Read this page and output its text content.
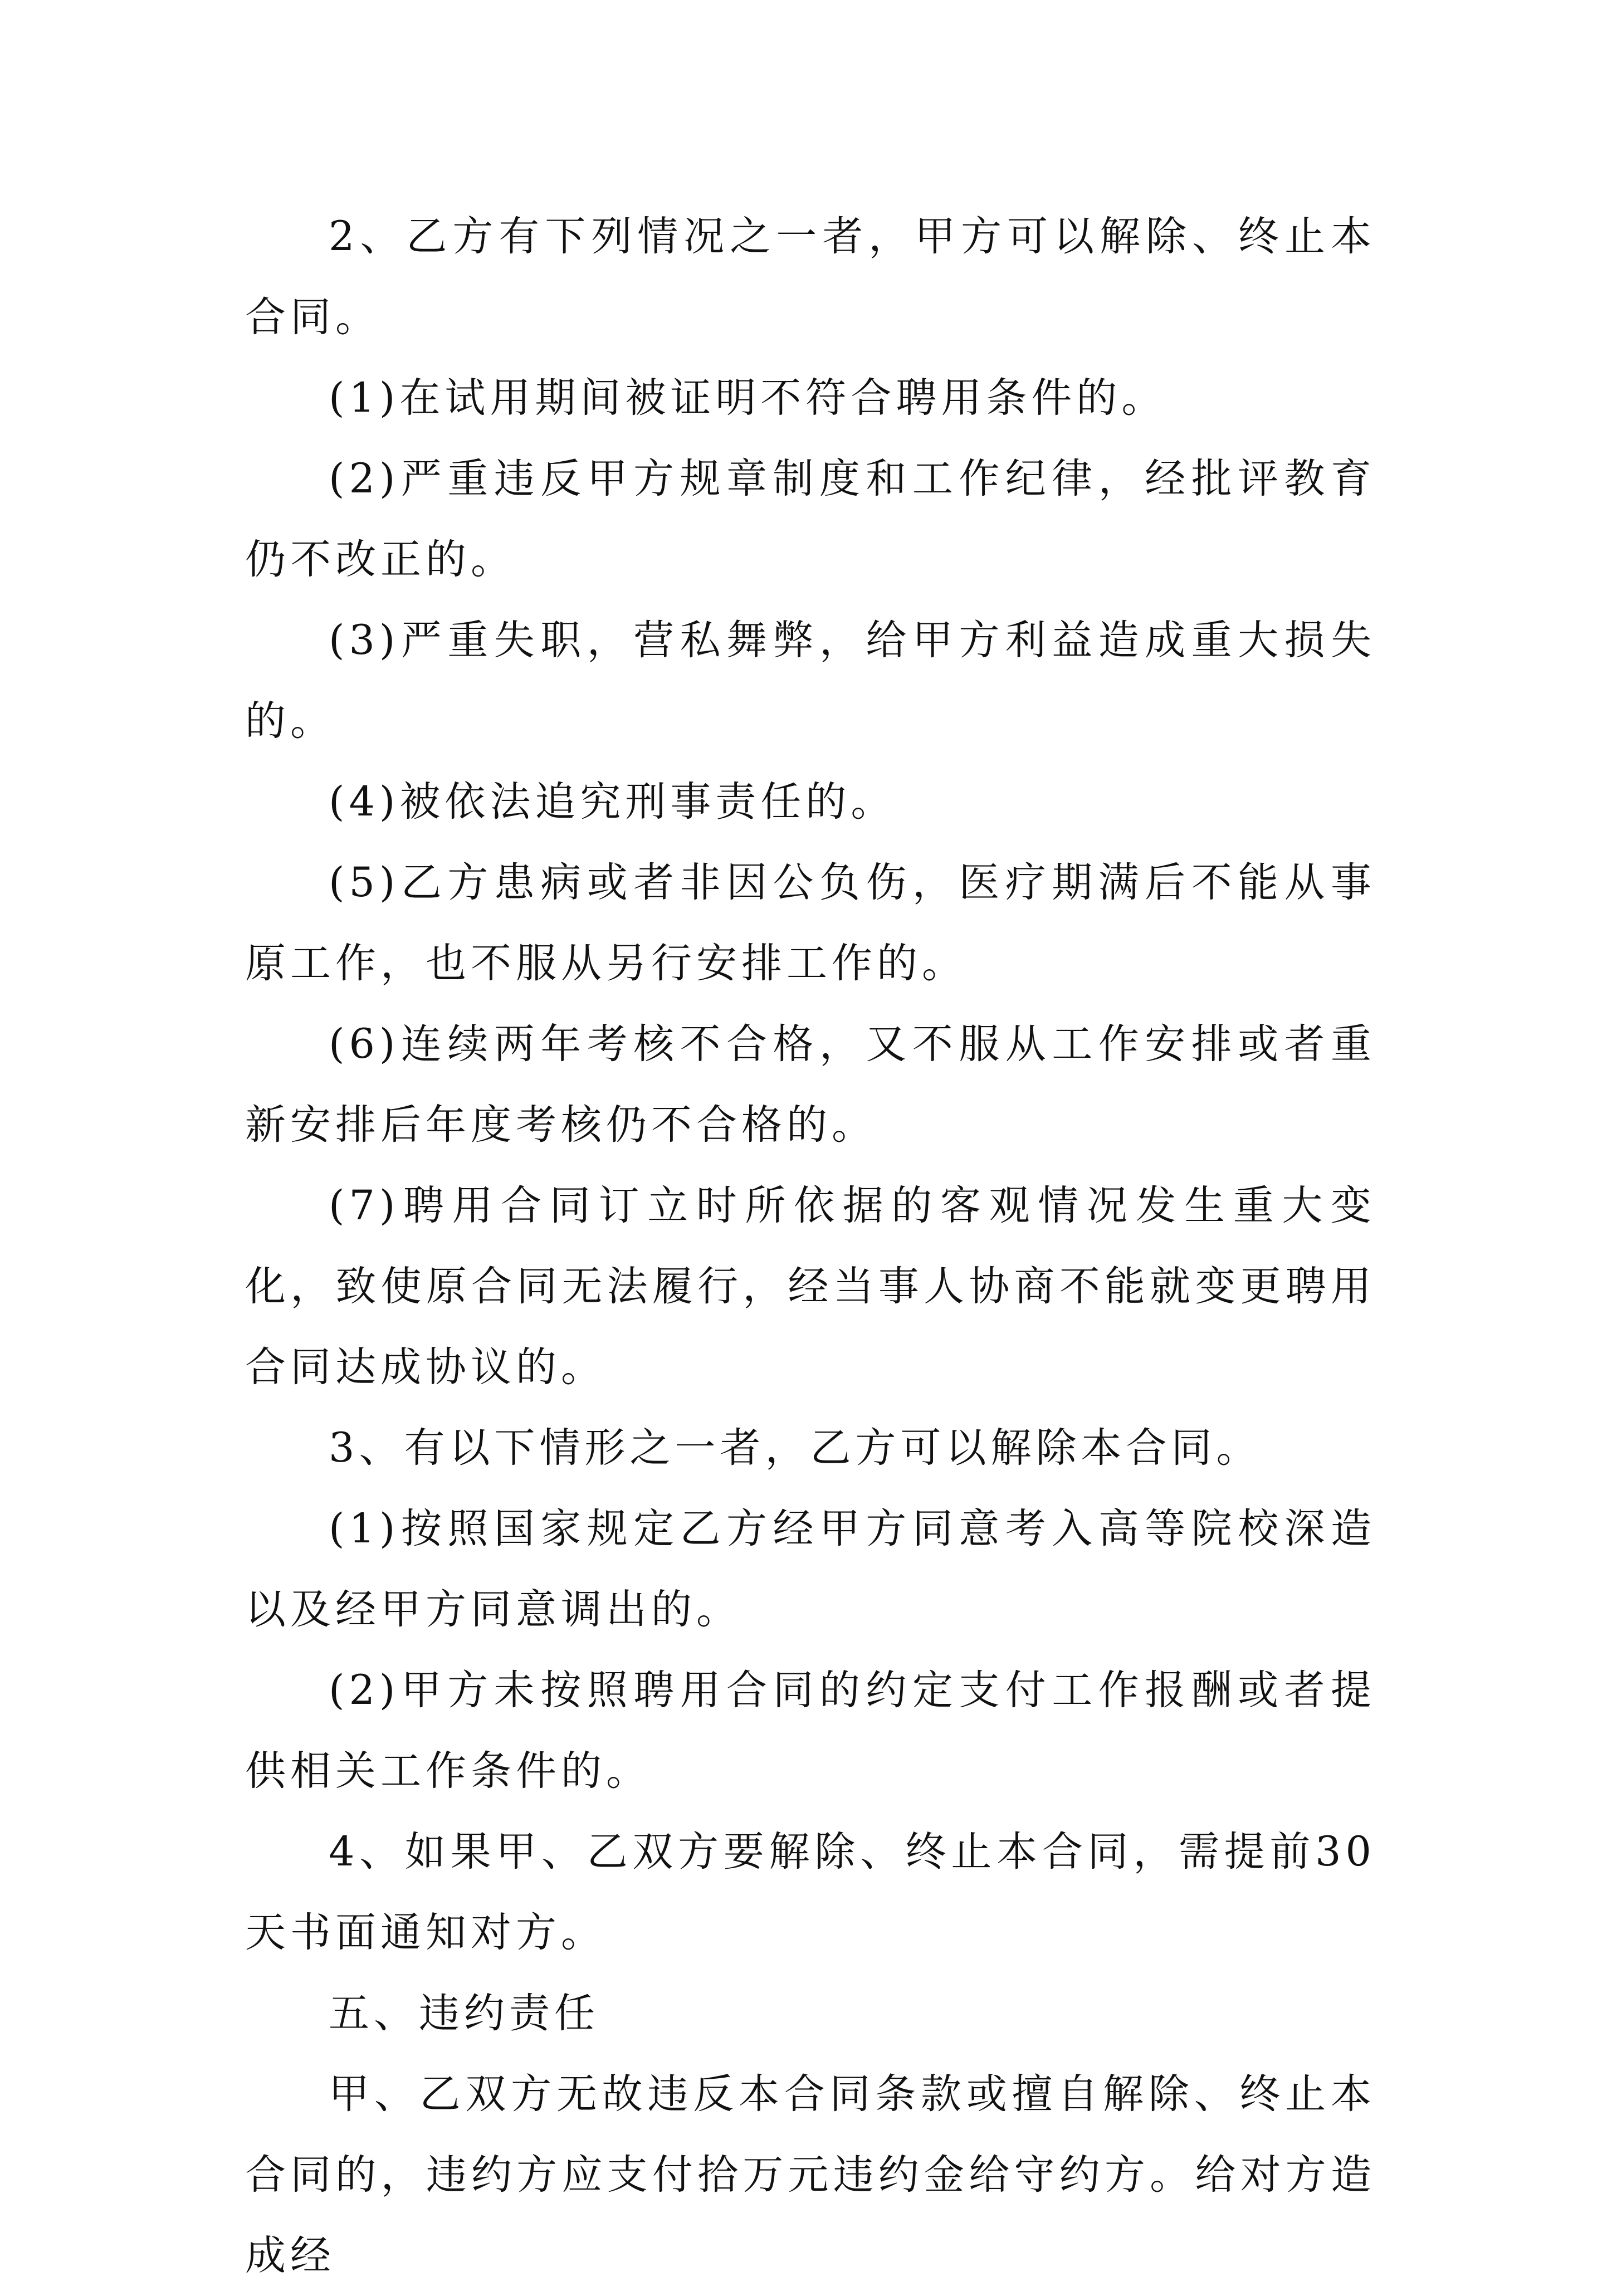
2、乙方有下列情况之一者，甲方可以解除、终止本合同。

(1)在试用期间被证明不符合聘用条件的。

(2)严重违反甲方规章制度和工作纪律，经批评教育仍不改正的。

(3)严重失职，营私舞弊，给甲方利益造成重大损失的。

(4)被依法追究刑事责任的。

(5)乙方患病或者非因公负伤，医疗期满后不能从事原工作，也不服从另行安排工作的。

(6)连续两年考核不合格，又不服从工作安排或者重新安排后年度考核仍不合格的。

(7)聘用合同订立时所依据的客观情况发生重大变化，致使原合同无法履行，经当事人协商不能就变更聘用合同达成协议的。

3、有以下情形之一者，乙方可以解除本合同。

(1)按照国家规定乙方经甲方同意考入高等院校深造以及经甲方同意调出的。

(2)甲方未按照聘用合同的约定支付工作报酬或者提供相关工作条件的。

4、如果甲、乙双方要解除、终止本合同，需提前30天书面通知对方。

五、违约责任

甲、乙双方无故违反本合同条款或擅自解除、终止本合同的，违约方应支付拾万元违约金给守约方。给对方造成经
